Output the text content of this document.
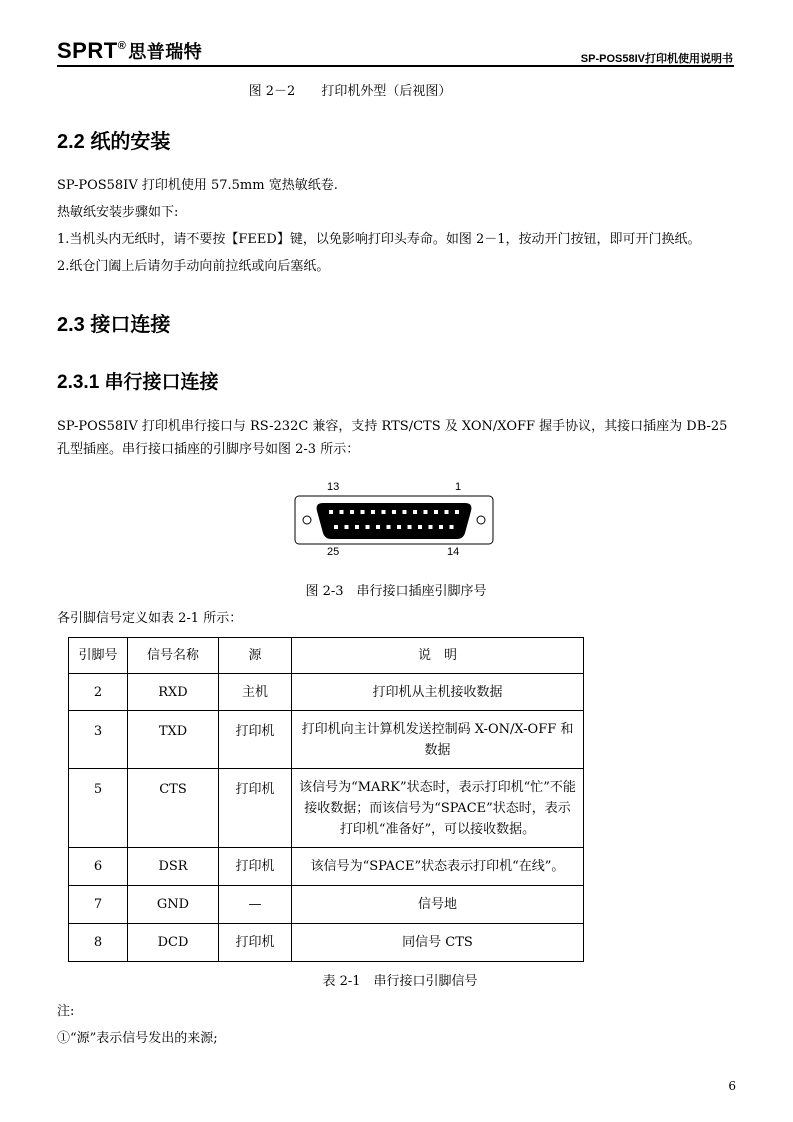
SPRT® 思普瑞特	SP-POS58IV打印机使用说明书
图 2－2　　打印机外型（后视图）
2.2 纸的安装
SP-POS58IV 打印机使用 57.5mm 宽热敏纸卷.
热敏纸安装步骤如下:
1.当机头内无纸时，请不要按【FEED】键，以免影响打印头寿命。如图 2－1，按动开门按钮，即可开门换纸。
2.纸仓门阖上后请勿手动向前拉纸或向后塞纸。
2.3 接口连接
2.3.1 串行接口连接
SP-POS58IV 打印机串行接口与 RS-232C 兼容，支持 RTS/CTS 及 XON/XOFF 握手协议，其接口插座为 DB-25 孔型插座。串行接口插座的引脚序号如图 2-3 所示：
13	1
25	14
图 2-3　串行接口插座引脚序号
各引脚信号定义如表 2-1 所示：
引脚号	信号名称	源	说　明
2	RXD	主机	打印机从主机接收数据
3	TXD	打印机	打印机向主计算机发送控制码 X-ON/X-OFF 和数据
5	CTS	打印机	该信号为“MARK”状态时，表示打印机“忙”不能接收数据；而该信号为“SPACE”状态时，表示打印机“准备好”，可以接收数据。
6	DSR	打印机	该信号为“SPACE”状态表示打印机“在线”。
7	GND	—	信号地
8	DCD	打印机	同信号 CTS
表 2-1　串行接口引脚信号
注:
①“源”表示信号发出的来源;
6
